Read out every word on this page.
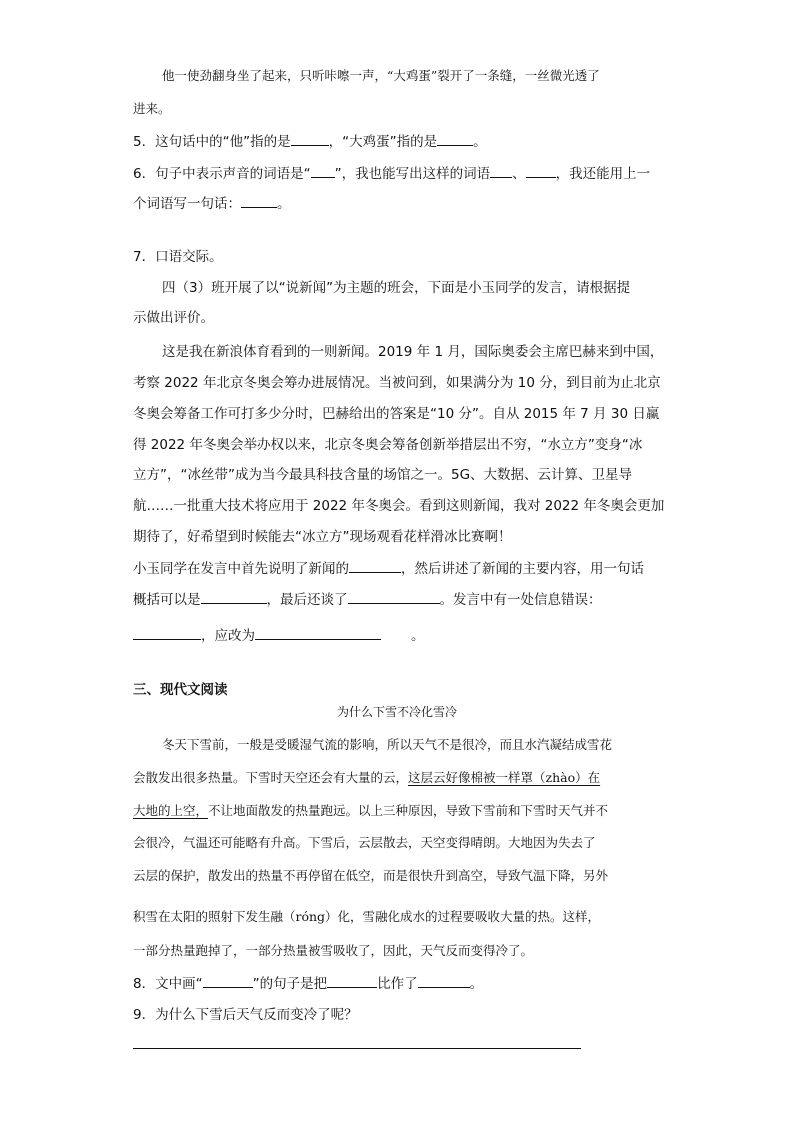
他一使劲翻身坐了起来，只听咔嚓一声，“大鸡蛋”裂开了一条缝，一丝微光透了
进来。
5．这句话中的“他”指的是	，“大鸡蛋”指的是	。
6．句子中表示声音的词语是“ ”，我也能写出这样的词语 、 ，我还能用上一
个词语写一句话：	。
7．口语交际。
四（3）班开展了以“说新闻”为主题的班会，下面是小玉同学的发言，请根据提
示做出评价。
这是我在新浪体育看到的一则新闻。2019 年 1 月，国际奥委会主席巴赫来到中国，
考察 2022 年北京冬奥会筹办进展情况。当被问到，如果满分为 10 分，到目前为止北京
冬奥会筹备工作可打多少分时，巴赫给出的答案是“10 分”。自从 2015 年 7 月 30 日赢
得 2022 年冬奥会举办权以来，北京冬奥会筹备创新举措层出不穷，“水立方”变身“冰
立方”，“冰丝带”成为当今最具科技含量的场馆之一。5G、大数据、云计算、卫星导
航……一批重大技术将应用于 2022 年冬奥会。看到这则新闻，我对 2022 年冬奥会更加
期待了，好希望到时候能去“冰立方”现场观看花样滑冰比赛啊！
小玉同学在发言中首先说明了新闻的	，然后讲述了新闻的主要内容，用一句话
概括可以是	，最后还谈了	。发言中有一处信息错误：
，应改为	。
三、现代文阅读
为什么下雪不冷化雪冷
冬天下雪前，一般是受暖湿气流的影响，所以天气不是很冷，而且水汽凝结成雪花
会散发出很多热量。下雪时天空还会有大量的云，这层云好像棉被一样罩（zhào）在
大地的上空，不让地面散发的热量跑远。以上三种原因，导致下雪前和下雪时天气并不
会很冷，气温还可能略有升高。下雪后，云层散去，天空变得晴朗。大地因为失去了
云层的保护，散发出的热量不再停留在低空，而是很快升到高空，导致气温下降，另外
积雪在太阳的照射下发生融（róng）化，雪融化成水的过程要吸收大量的热。这样，
一部分热量跑掉了，一部分热量被雪吸收了，因此，天气反而变得冷了。
8．文中画“	”的句子是把	比作了	。
9．为什么下雪后天气反而变冷了呢？
